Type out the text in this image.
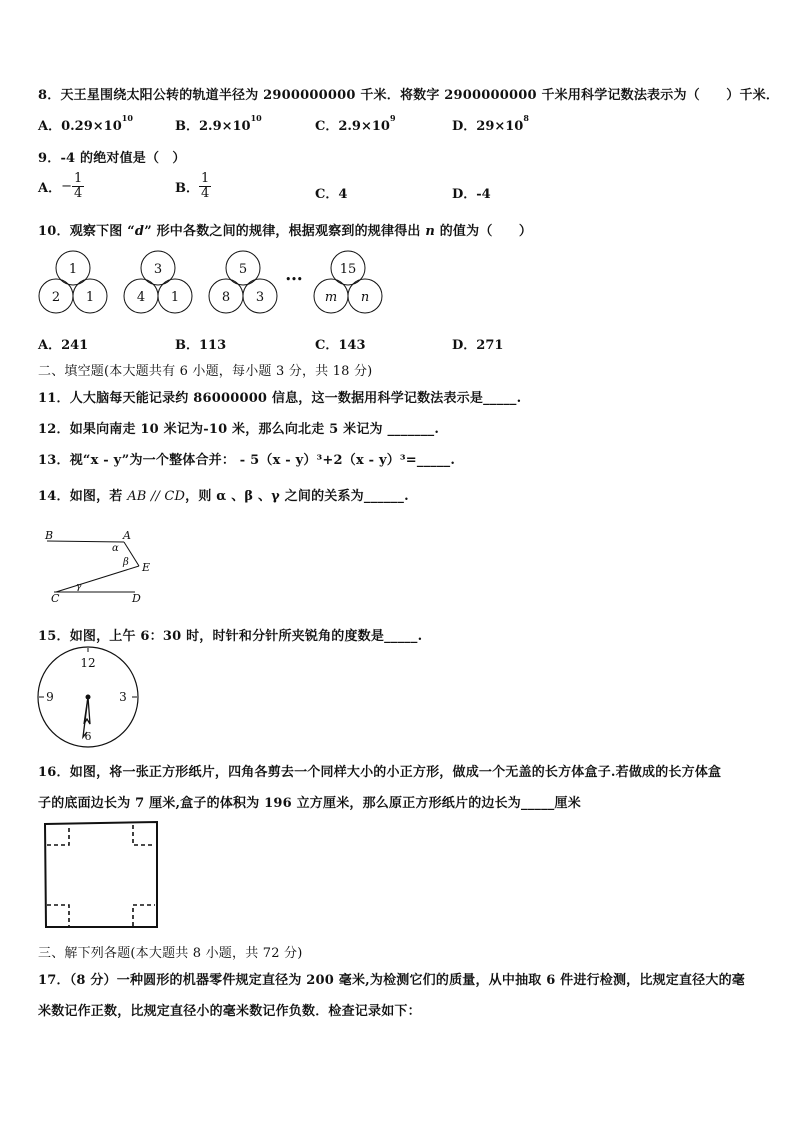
8．天王星围绕太阳公转的轨道半径为 2900000000 千米．将数字 2900000000 千米用科学记数法表示为（　　）千米．
A．$0.29\times 10^{10}$
B．$2.9\times 10^{10}$
C．$2.9\times 10^9$
D．$29\times 10^8$
9．-4 的绝对值是（　）
A．− $\frac{1}{4}$	B． $\frac{1}{4}$	C．4	D．-4
10．观察下图 “d” 形中各数之间的规律，根据观察到的规律得出 n 的值为（　　）
1
2 1
3
4 1
5
8 3
15
m n
•••
A．241	B．113	C．143	D．271
二、填空题(本大题共有 6 小题，每小题 3 分，共 18 分)
11．人大脑每天能记录约 86000000 信息，这一数据用科学记数法表示是_____.
12．如果向南走 10 米记为-10 米，那么向北走 5 米记为 _______.
13．视“x - y”为一个整体合并： - 5（x - y）³+2（x - y）³=_____.
14．如图，若 AB // CD，则 α 、β 、γ 之间的关系为______.
B	A
α
β E
γ
C	D
15．如图，上午 6：30 时，时针和分针所夹锐角的度数是_____.
12
3
9
6
16．如图，将一张正方形纸片，四角各剪去一个同样大小的小正方形，做成一个无盖的长方体盒子.若做成的长方体盒
子的底面边长为 7 厘米,盒子的体积为 196 立方厘米，那么原正方形纸片的边长为_____厘米
三、解下列各题(本大题共 8 小题，共 72 分)
17．（8 分）一种圆形的机器零件规定直径为 200 毫米,为检测它们的质量，从中抽取 6 件进行检测，比规定直径大的毫
米数记作正数，比规定直径小的毫米数记作负数．检查记录如下：
